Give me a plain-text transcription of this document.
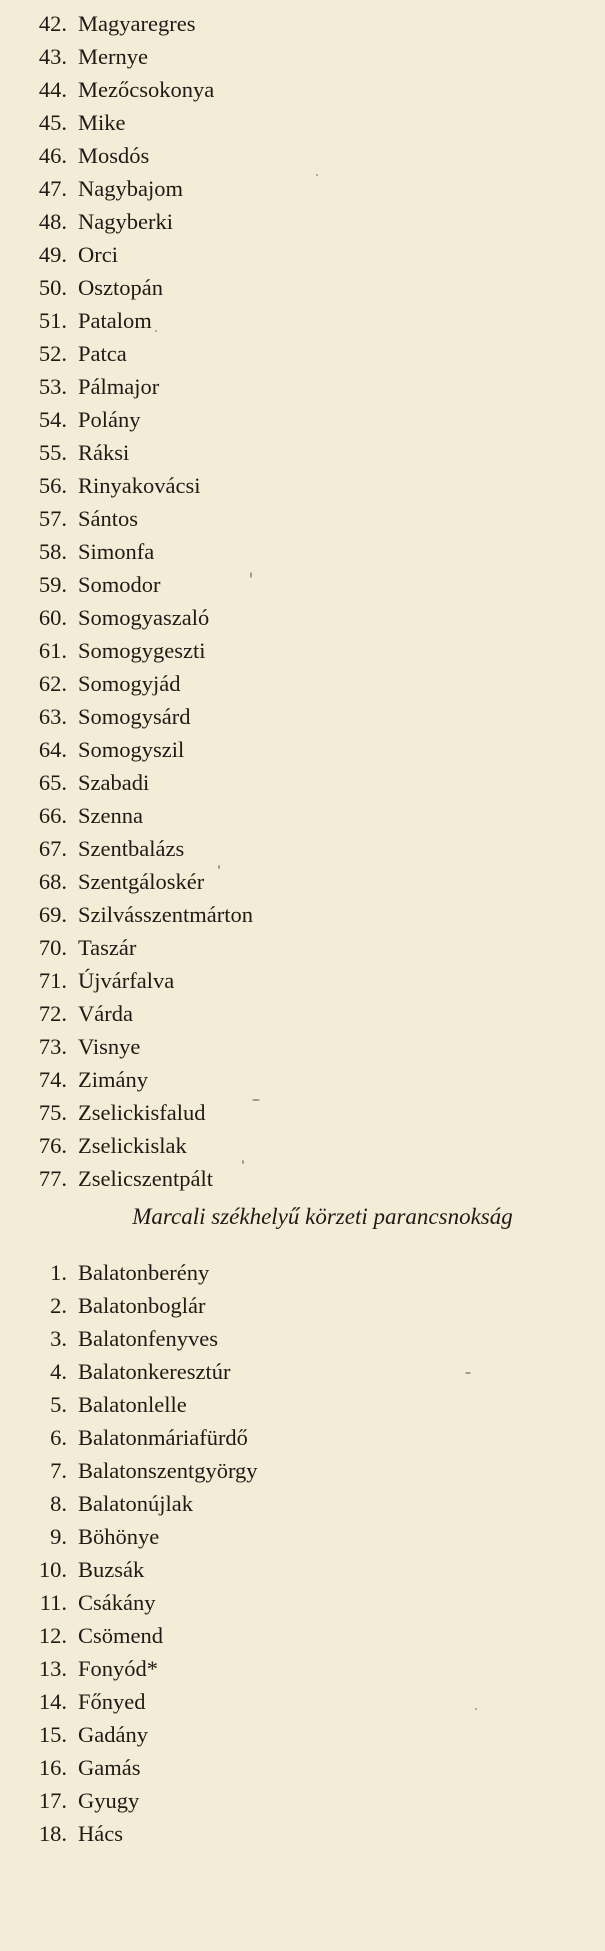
42. Magyaregres
43. Mernye
44. Mezőcsokonya
45. Mike
46. Mosdós
47. Nagybajom
48. Nagyberki
49. Orci
50. Osztopán
51. Patalom
52. Patca
53. Pálmajor
54. Polány
55. Ráksi
56. Rinyakovácsi
57. Sántos
58. Simonfa
59. Somodor
60. Somogyaszaló
61. Somogygeszti
62. Somogyjád
63. Somogysárd
64. Somogyszil
65. Szabadi
66. Szenna
67. Szentbalázs
68. Szentgáloskér
69. Szilvásszentmárton
70. Taszár
71. Újvárfalva
72. Várda
73. Visnye
74. Zimány
75. Zselickisfalud
76. Zselickislak
77. Zselicszentpált
Marcali székhelyű körzeti parancsnokság
1. Balatonberény
2. Balatonboglár
3. Balatonfenyves
4. Balatonkeresztúr
5. Balatonlelle
6. Balatonmáriafürdő
7. Balatonszentgyörgy
8. Balatonújlak
9. Böhönye
10. Buzsák
11. Csákány
12. Csömend
13. Fonyód*
14. Főnyed
15. Gadány
16. Gamás
17. Gyugy
18. Hács
